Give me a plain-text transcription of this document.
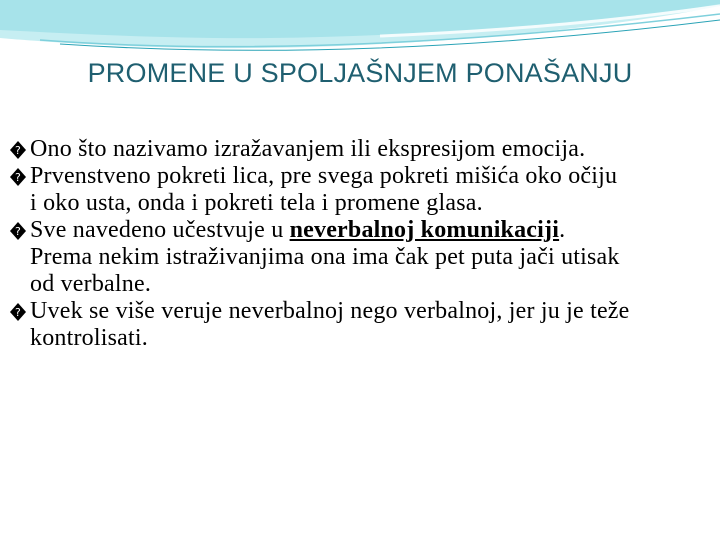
PROMENE U SPOLJAŠNJEM PONAŠANJU
? Ono što nazivamo izražavanjem ili ekspresijom emocija.
? Prvenstveno pokreti lica, pre svega pokreti mišića oko očiju i oko usta, onda i pokreti tela i promene glasa.
? Sve navedeno učestvuje u neverbalnoj komunikaciji. Prema nekim istraživanjima ona ima čak pet puta jači utisak od verbalne.
? Uvek se više veruje neverbalnoj nego verbalnoj, jer ju je teže kontrolisati.
